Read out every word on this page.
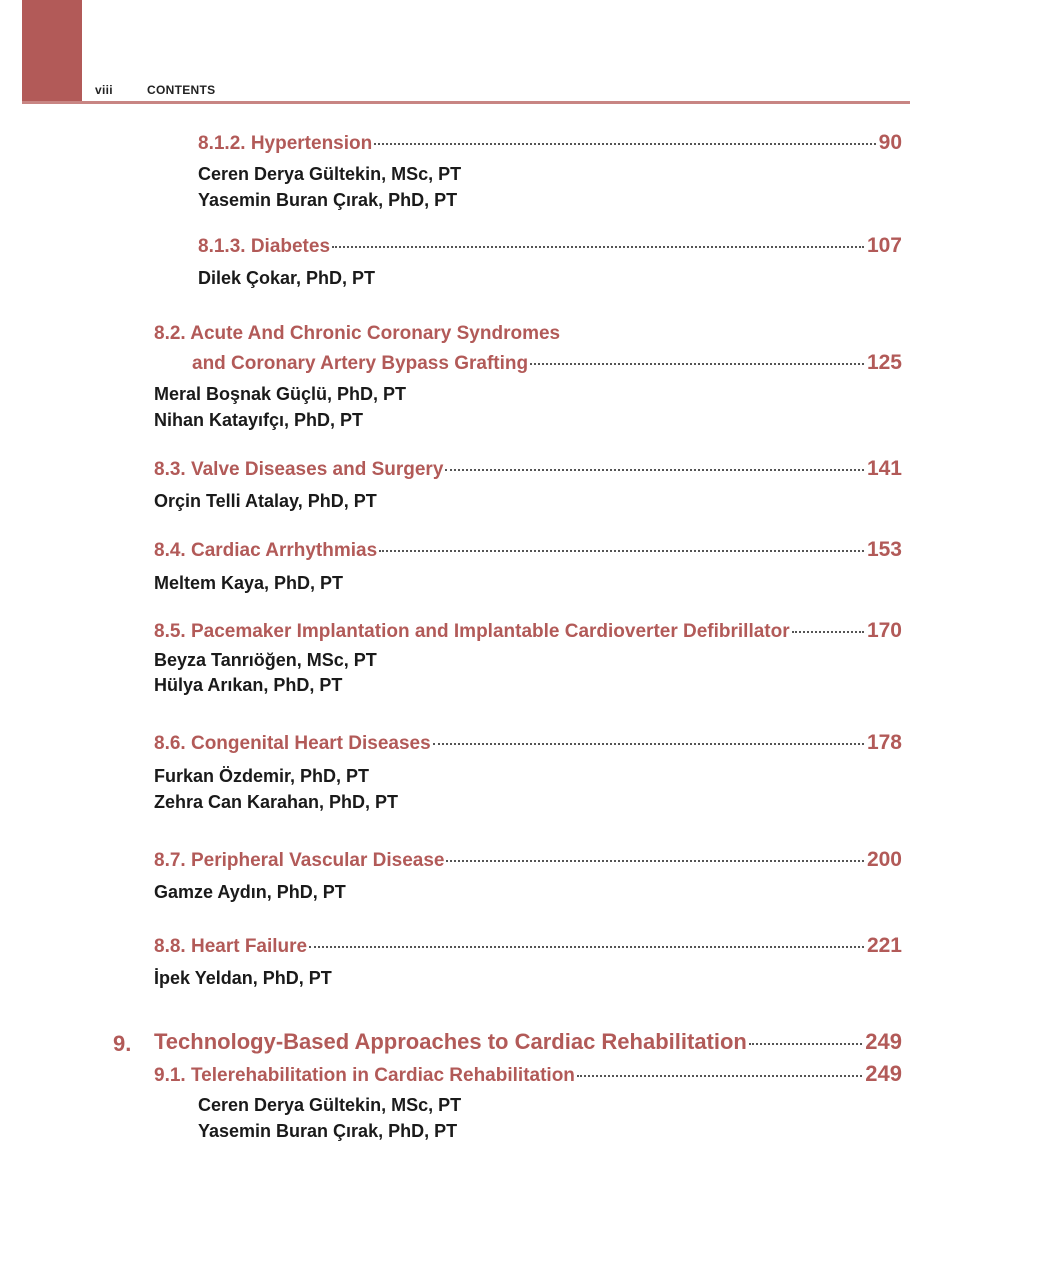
viii	CONTENTS
8.1.2. Hypertension	90
Ceren Derya Gültekin, MSc, PT
Yasemin Buran Çırak, PhD, PT
8.1.3. Diabetes	107
Dilek Çokar, PhD, PT
8.2. Acute And Chronic Coronary Syndromes
and Coronary Artery Bypass Grafting	125
Meral Boşnak Güçlü, PhD, PT
Nihan Katayıfçı, PhD, PT
8.3. Valve Diseases and Surgery	141
Orçin Telli Atalay, PhD, PT
8.4. Cardiac Arrhythmias	153
Meltem Kaya, PhD, PT
8.5. Pacemaker Implantation and Implantable Cardioverter Defibrillator	170
Beyza Tanrıöğen, MSc, PT
Hülya Arıkan, PhD, PT
8.6. Congenital Heart Diseases	178
Furkan Özdemir, PhD, PT
Zehra Can Karahan, PhD, PT
8.7. Peripheral Vascular Disease	200
Gamze Aydın, PhD, PT
8.8. Heart Failure	221
İpek Yeldan, PhD, PT
9. Technology-Based Approaches to Cardiac Rehabilitation	249
9.1. Telerehabilitation in Cardiac Rehabilitation	249
Ceren Derya Gültekin, MSc, PT
Yasemin Buran Çırak, PhD, PT
